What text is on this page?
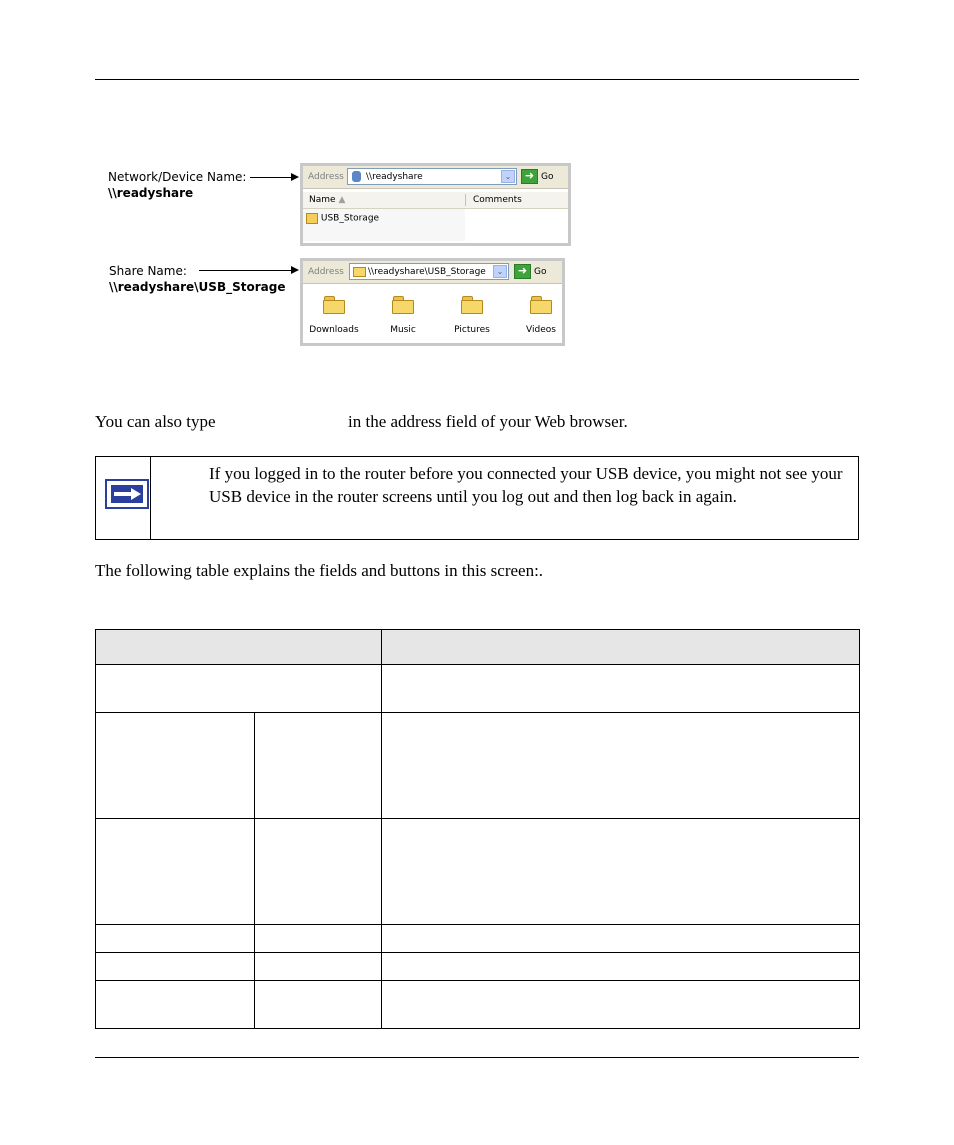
Network/Device Name:
\\readyshare
Share Name:
\\readyshare\USB_Storage
Address \\readyshare	⌄	➜ Go
Name ▲	Comments
USB_Storage
Address	\\readyshare\USB_Storage	⌄	➜ Go
Downloads	Music	Pictures	Videos
You can also type	in the address field of your Web browser.
If you logged in to the router before you connected your USB device, you might not see your USB device in the router screens until you log out and then log back in again.
The following table explains the fields and buttons in this screen:.
